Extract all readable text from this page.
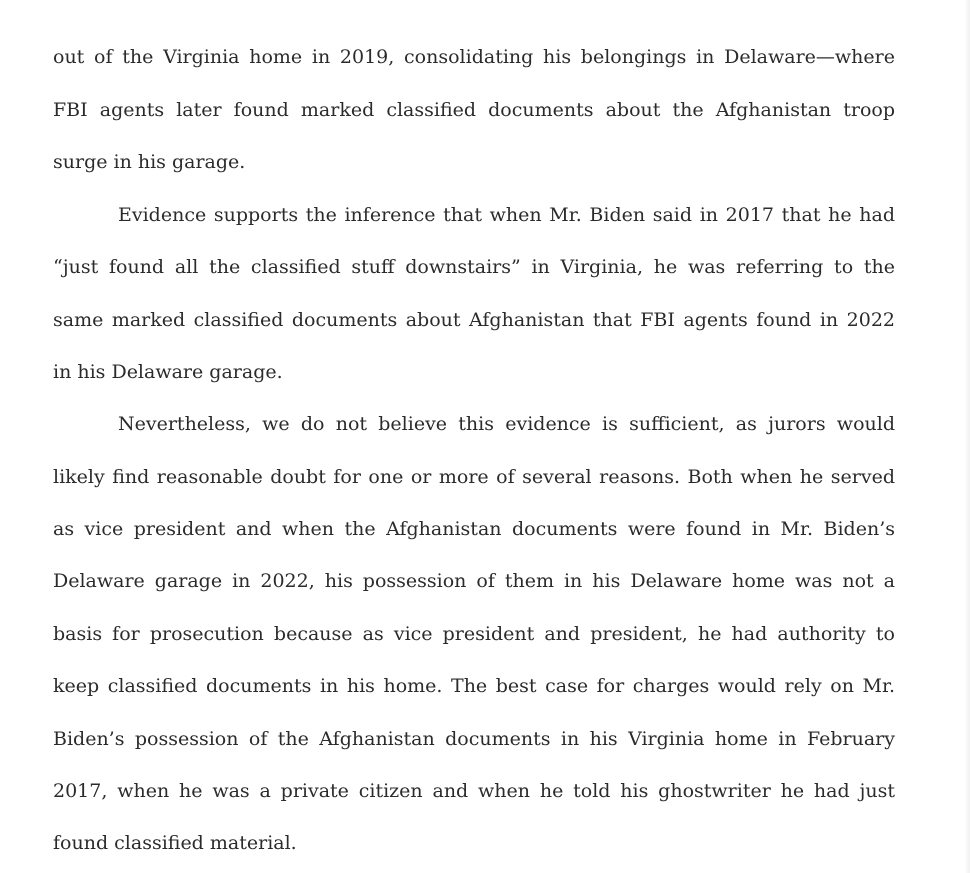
out of the Virginia home in 2019, consolidating his belongings in Delaware—where
FBI agents later found marked classified documents about the Afghanistan troop
surge in his garage.
Evidence supports the inference that when Mr. Biden said in 2017 that he had
“just found all the classified stuff downstairs” in Virginia, he was referring to the
same marked classified documents about Afghanistan that FBI agents found in 2022
in his Delaware garage.
Nevertheless, we do not believe this evidence is sufficient, as jurors would
likely find reasonable doubt for one or more of several reasons. Both when he served
as vice president and when the Afghanistan documents were found in Mr. Biden’s
Delaware garage in 2022, his possession of them in his Delaware home was not a
basis for prosecution because as vice president and president, he had authority to
keep classified documents in his home. The best case for charges would rely on Mr.
Biden’s possession of the Afghanistan documents in his Virginia home in February
2017, when he was a private citizen and when he told his ghostwriter he had just
found classified material.
